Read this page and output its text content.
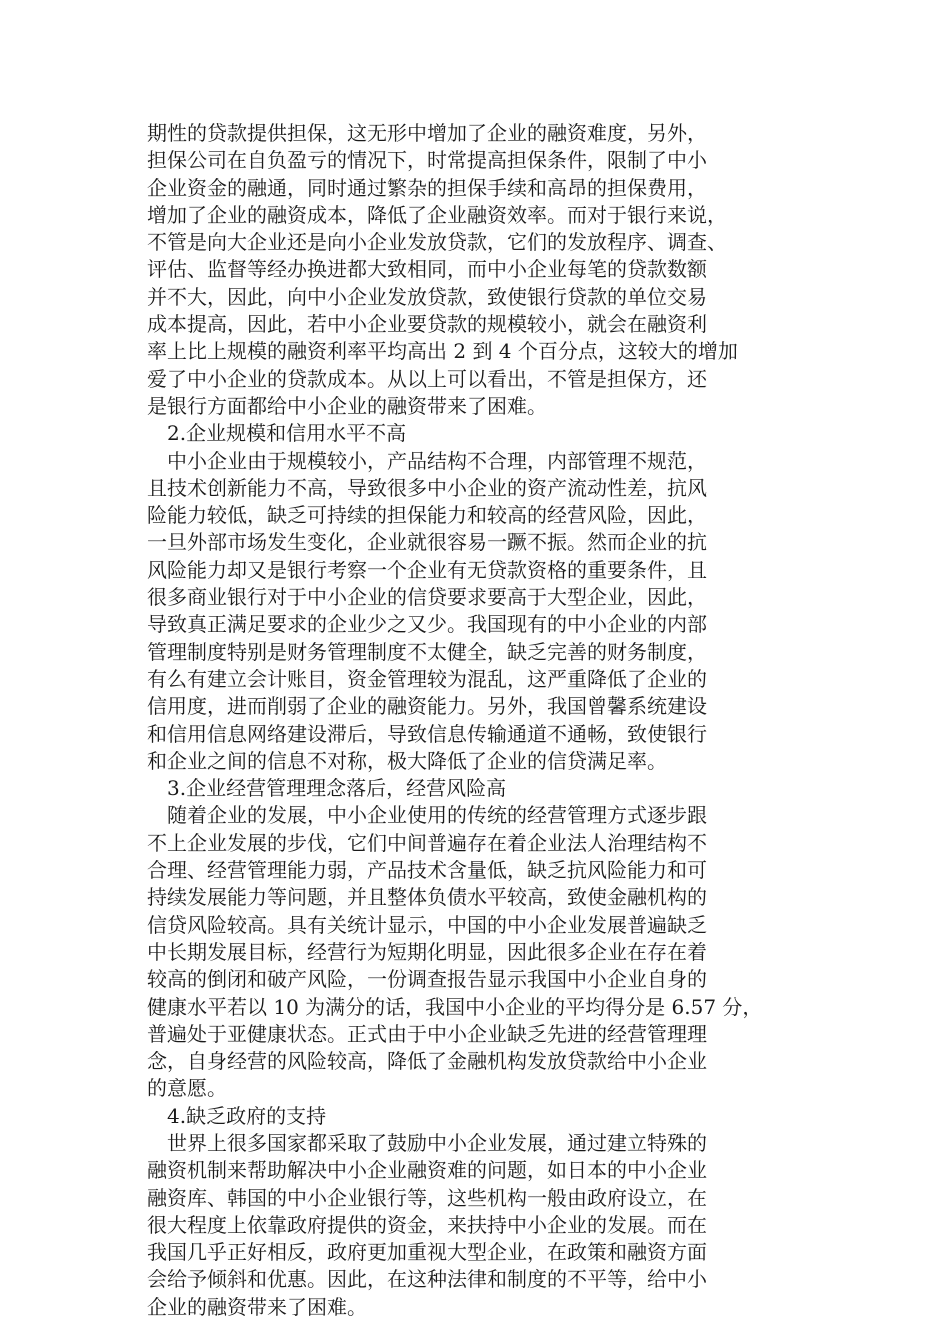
期性的贷款提供担保，这无形中增加了企业的融资难度，另外，
担保公司在自负盈亏的情况下，时常提高担保条件，限制了中小
企业资金的融通，同时通过繁杂的担保手续和高昂的担保费用，
增加了企业的融资成本，降低了企业融资效率。而对于银行来说，
不管是向大企业还是向小企业发放贷款，它们的发放程序、调查、
评估、监督等经办换进都大致相同，而中小企业每笔的贷款数额
并不大，因此，向中小企业发放贷款，致使银行贷款的单位交易
成本提高，因此，若中小企业要贷款的规模较小，就会在融资利
率上比上规模的融资利率平均高出 2 到 4 个百分点，这较大的增加
爱了中小企业的贷款成本。从以上可以看出，不管是担保方，还
是银行方面都给中小企业的融资带来了困难。
　2.企业规模和信用水平不高
　中小企业由于规模较小，产品结构不合理，内部管理不规范，
且技术创新能力不高，导致很多中小企业的资产流动性差，抗风
险能力较低，缺乏可持续的担保能力和较高的经营风险，因此，
一旦外部市场发生变化，企业就很容易一蹶不振。然而企业的抗
风险能力却又是银行考察一个企业有无贷款资格的重要条件，且
很多商业银行对于中小企业的信贷要求要高于大型企业，因此，
导致真正满足要求的企业少之又少。我国现有的中小企业的内部
管理制度特别是财务管理制度不太健全，缺乏完善的财务制度，
有么有建立会计账目，资金管理较为混乱，这严重降低了企业的
信用度，进而削弱了企业的融资能力。另外，我国曾馨系统建设
和信用信息网络建设滞后，导致信息传输通道不通畅，致使银行
和企业之间的信息不对称，极大降低了企业的信贷满足率。
　3.企业经营管理理念落后，经营风险高
　随着企业的发展，中小企业使用的传统的经营管理方式逐步跟
不上企业发展的步伐，它们中间普遍存在着企业法人治理结构不
合理、经营管理能力弱，产品技术含量低，缺乏抗风险能力和可
持续发展能力等问题，并且整体负债水平较高，致使金融机构的
信贷风险较高。具有关统计显示，中国的中小企业发展普遍缺乏
中长期发展目标，经营行为短期化明显，因此很多企业在存在着
较高的倒闭和破产风险，一份调查报告显示我国中小企业自身的
健康水平若以 10 为满分的话，我国中小企业的平均得分是 6.57 分，
普遍处于亚健康状态。正式由于中小企业缺乏先进的经营管理理
念，自身经营的风险较高，降低了金融机构发放贷款给中小企业
的意愿。
　4.缺乏政府的支持
　世界上很多国家都采取了鼓励中小企业发展，通过建立特殊的
融资机制来帮助解决中小企业融资难的问题，如日本的中小企业
融资库、韩国的中小企业银行等，这些机构一般由政府设立，在
很大程度上依靠政府提供的资金，来扶持中小企业的发展。而在
我国几乎正好相反，政府更加重视大型企业，在政策和融资方面
会给予倾斜和优惠。因此，在这种法律和制度的不平等，给中小
企业的融资带来了困难。
